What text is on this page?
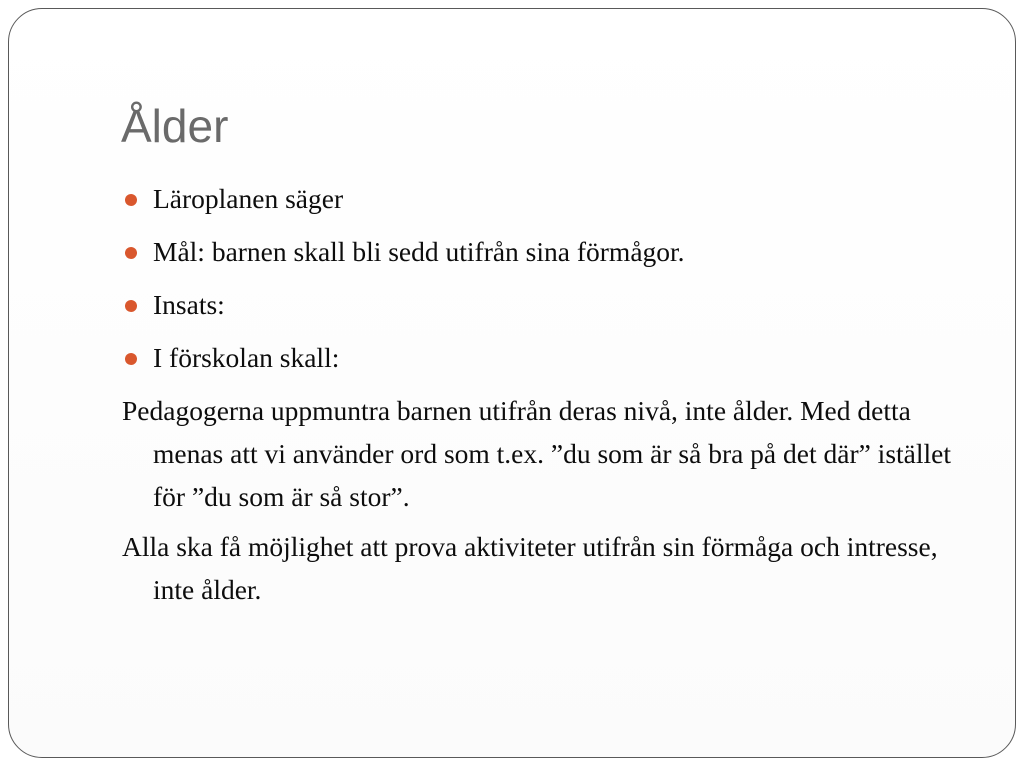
Ålder
Läroplanen säger
Mål: barnen skall bli sedd utifrån sina förmågor.
Insats:
I förskolan skall:

Pedagogerna uppmuntra barnen utifrån deras nivå, inte ålder. Med detta menas att vi använder ord som t.ex. ”du som är så bra på det där” istället för ”du som är så stor”.

Alla ska få möjlighet att prova aktiviteter utifrån sin förmåga och intresse, inte ålder.
